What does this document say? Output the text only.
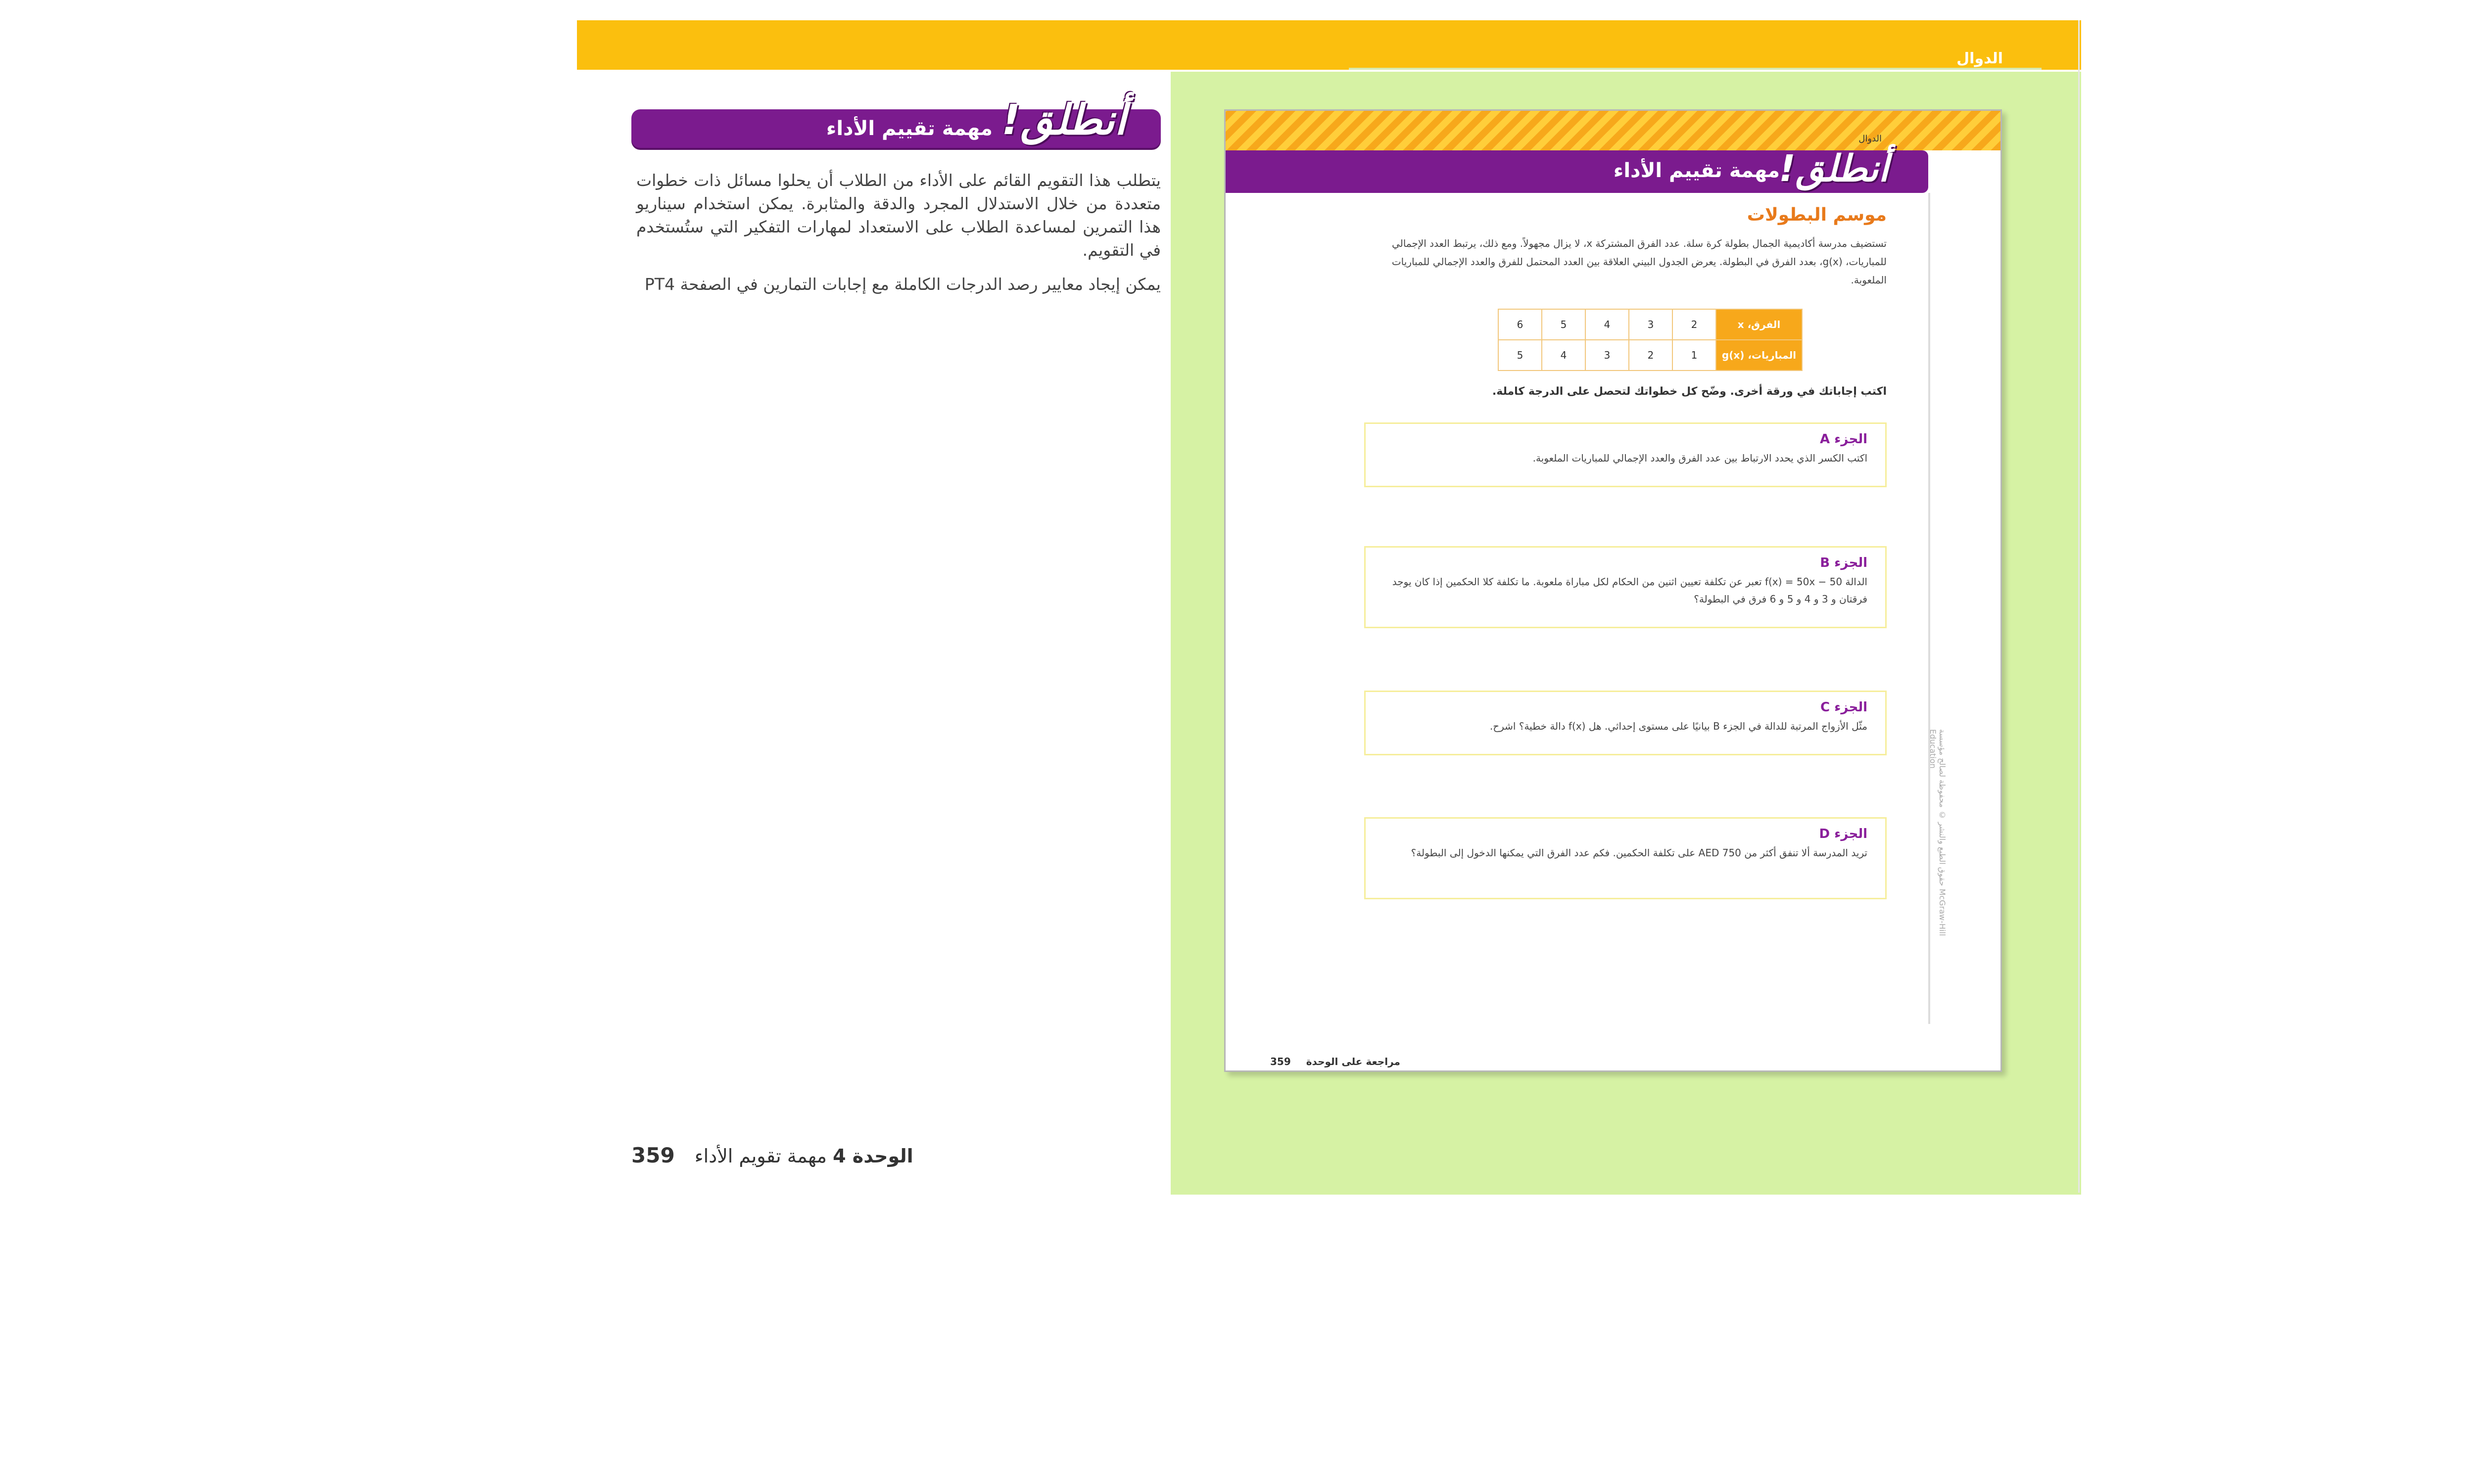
الدوال
مهمة تقييم الأداء أنطلق!

يتطلب هذا التقويم القائم على الأداء من الطلاب أن يحلوا مسائل ذات خطوات متعددة من خلال الاستدلال المجرد والدقة والمثابرة. يمكن استخدام سيناريو هذا التمرين لمساعدة الطلاب على الاستعداد لمهارات التفكير التي ستُستخدم في التقويم.

يمكن إيجاد معايير رصد الدرجات الكاملة مع إجابات التمارين في الصفحة PT4

الوحدة 4 مهمة تقويم الأداء 359
الدوال
مهمة تقييم الأداء
أنطلق!
موسم البطولات
تستضيف مدرسة أكاديمية الجمال بطولة كرة سلة. عدد الفرق المشتركة x، لا يزال مجهولاً. ومع ذلك، يرتبط العدد الإجمالي للمباريات، g(x)، بعدد الفرق في البطولة. يعرض الجدول البيني العلاقة بين العدد المحتمل للفرق والعدد الإجمالي للمباريات الملعوبة.
الفرق، x	2	3	4	5	6
المباريات، g(x)	1	2	3	4	5
اكتب إجاباتك في ورقة أخرى. وضّح كل خطواتك لتحصل على الدرجة كاملة.
الجزء A
اكتب الكسر الذي يحدد الارتباط بين عدد الفرق والعدد الإجمالي للمباريات الملعوبة.
الجزء B
الدالة f(x) = 50x − 50 تعبر عن تكلفة تعيين اثنين من الحكام لكل مباراة ملعوبة. ما تكلفة كلا الحكمين إذا كان يوجد فرقتان و 3 و 4 و 5 و 6 فرق في البطولة؟
الجزء C
مثّل الأزواج المرتبة للدالة في الجزء B بيانيًا على مستوى إحداثي. هل f(x) دالة خطية؟ اشرح.
الجزء D
تريد المدرسة ألا تنفق أكثر من AED 750 على تكلفة الحكمين. فكم عدد الفرق التي يمكنها الدخول إلى البطولة؟	حقوق الطبع والنشر © محفوظة لصالح مؤسسة McGraw-Hill Education
359 مراجعة على الوحدة
